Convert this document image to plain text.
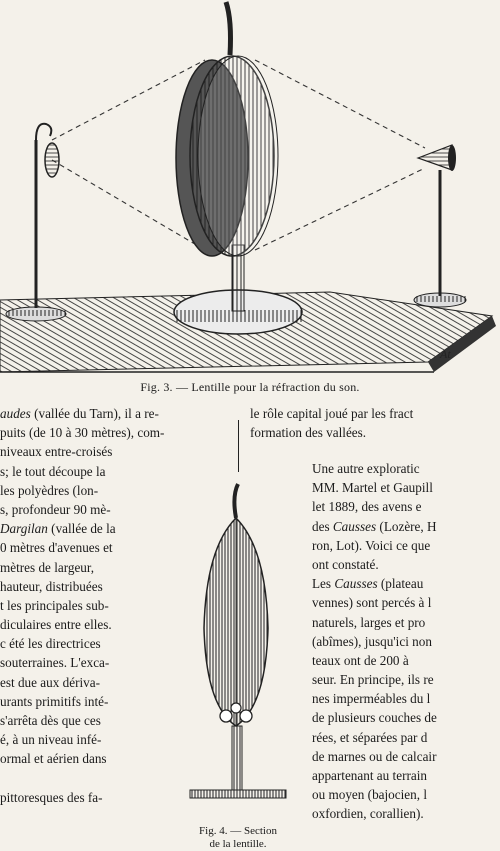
At
Fig. 3. — Lentille pour la réfraction du son.
audes (vallée du Tarn), il a re-
puits (de 10 à 30 mètres), com-
niveaux entre-croisés
s; le tout découpe la
les polyèdres (lon-
s, profondeur 90 mè-
Dargilan (vallée de la
0 mètres d'avenues et
mètres de largeur,
hauteur, distribuées
t les principales sub-
diculaires entre elles.
c été les directrices
souterraines. L'exca-
est due aux dériva-
urants primitifs inté-
s'arrêta dès que ces
é, à un niveau infé-
ormal et aérien dans
pittoresques des fa-
le rôle capital joué par les fract
formation des vallées.
Une autre exploratic
MM. Martel et Gaupill
let 1889, des avens e
des Causses (Lozère, H
ron, Lot). Voici ce que
ont constaté.
Les Causses (plateau
vennes) sont percés à l
naturels, larges et pro
(abîmes), jusqu'ici non
teaux ont de 200 à
seur. En principe, ils re
nes imperméables du l
de plusieurs couches de
rées, et séparées par d
de marnes ou de calcair
appartenant au terrain
ou moyen (bajocien, l
oxfordien, corallien).
Fig. 4. — Section
de la lentille.
